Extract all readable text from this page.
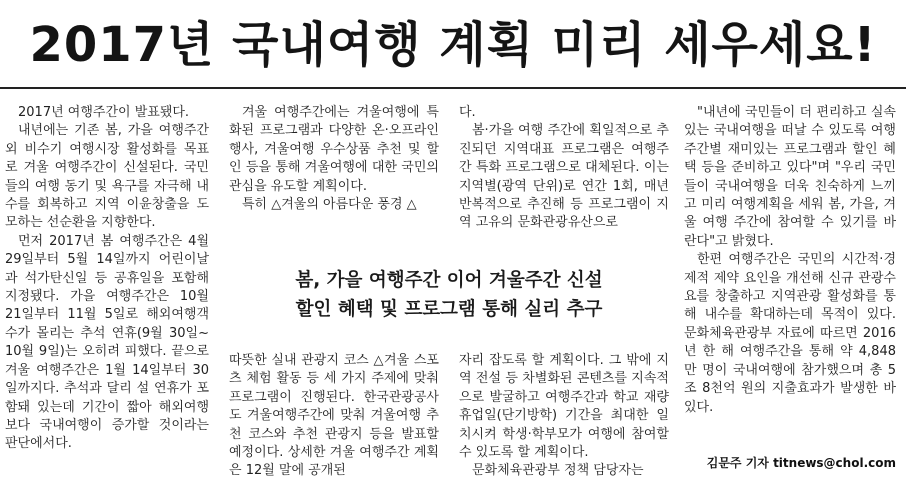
2017년 국내여행 계획 미리 세우세요!

2017년 여행주간이 발표됐다.

내년에는 기존 봄, 가을 여행주간 외 비수기 여행시장 활성화를 목표로 겨울 여행주간이 신설된다. 국민들의 여행 동기 및 욕구를 자극해 내수를 회복하고 지역 이윤창출을 도모하는 선순환을 지향한다.

먼저 2017년 봄 여행주간은 4월 29일부터 5월 14일까지 어린이날과 석가탄신일 등 공휴일을 포함해 지정됐다. 가을 여행주간은 10월 21일부터 11월 5일로 해외여행객 수가 몰리는 추석 연휴(9월 30일~ 10월 9일)는 오히려 피했다. 끝으로 겨울 여행주간은 1월 14일부터 30일까지다. 추석과 달리 설 연휴가 포함돼 있는데 기간이 짧아 해외여행보다 국내여행이 증가할 것이라는 판단에서다.

겨울 여행주간에는 겨울여행에 특화된 프로그램과 다양한 온·오프라인 행사, 겨울여행 우수상품 추천 및 할인 등을 통해 겨울여행에 대한 국민의 관심을 유도할 계획이다.

특히 △겨울의 아름다운 풍경 △

다.

봄·가을 여행 주간에 획일적으로 추진되던 지역대표 프로그램은 여행주간 특화 프로그램으로 대체된다. 이는 지역별(광역 단위)로 연간 1회, 매년 반복적으로 추진해 등 프로그램이 지역 고유의 문화관광유산으로

봄, 가을 여행주간 이어 겨울주간 신설
할인 혜택 및 프로그램 통해 실리 추구

따뜻한 실내 관광지 코스 △겨울 스포츠 체험 활동 등 세 가지 주제에 맞춰 프로그램이 진행된다. 한국관광공사도 겨울여행주간에 맞춰 겨울여행 추천 코스와 추천 관광지 등을 발표할 예정이다. 상세한 겨울 여행주간 계획은 12월 말에 공개된

자리 잡도록 할 계획이다. 그 밖에 지역 전설 등 차별화된 콘텐츠를 지속적으로 발굴하고 여행주간과 학교 재량휴업일(단기방학) 기간을 최대한 일치시켜 학생·학부모가 여행에 참여할 수 있도록 할 계획이다.

문화체육관광부 정책 담당자는

"내년에 국민들이 더 편리하고 실속있는 국내여행을 떠날 수 있도록 여행주간별 재미있는 프로그램과 할인 혜택 등을 준비하고 있다"며 "우리 국민들이 국내여행을 더욱 친숙하게 느끼고 미리 여행계획을 세워 봄, 가을, 겨울 여행 주간에 참여할 수 있기를 바란다"고 밝혔다.

한편 여행주간은 국민의 시간적·경제적 제약 요인을 개선해 신규 관광수요를 창출하고 지역관광 활성화를 통해 내수를 확대하는데 목적이 있다. 문화체육관광부 자료에 따르면 2016년 한 해 여행주간을 통해 약 4,848만 명이 국내여행에 참가했으며 총 5조 8천억 원의 지출효과가 발생한 바 있다.

김문주 기자 titnews@chol.com
